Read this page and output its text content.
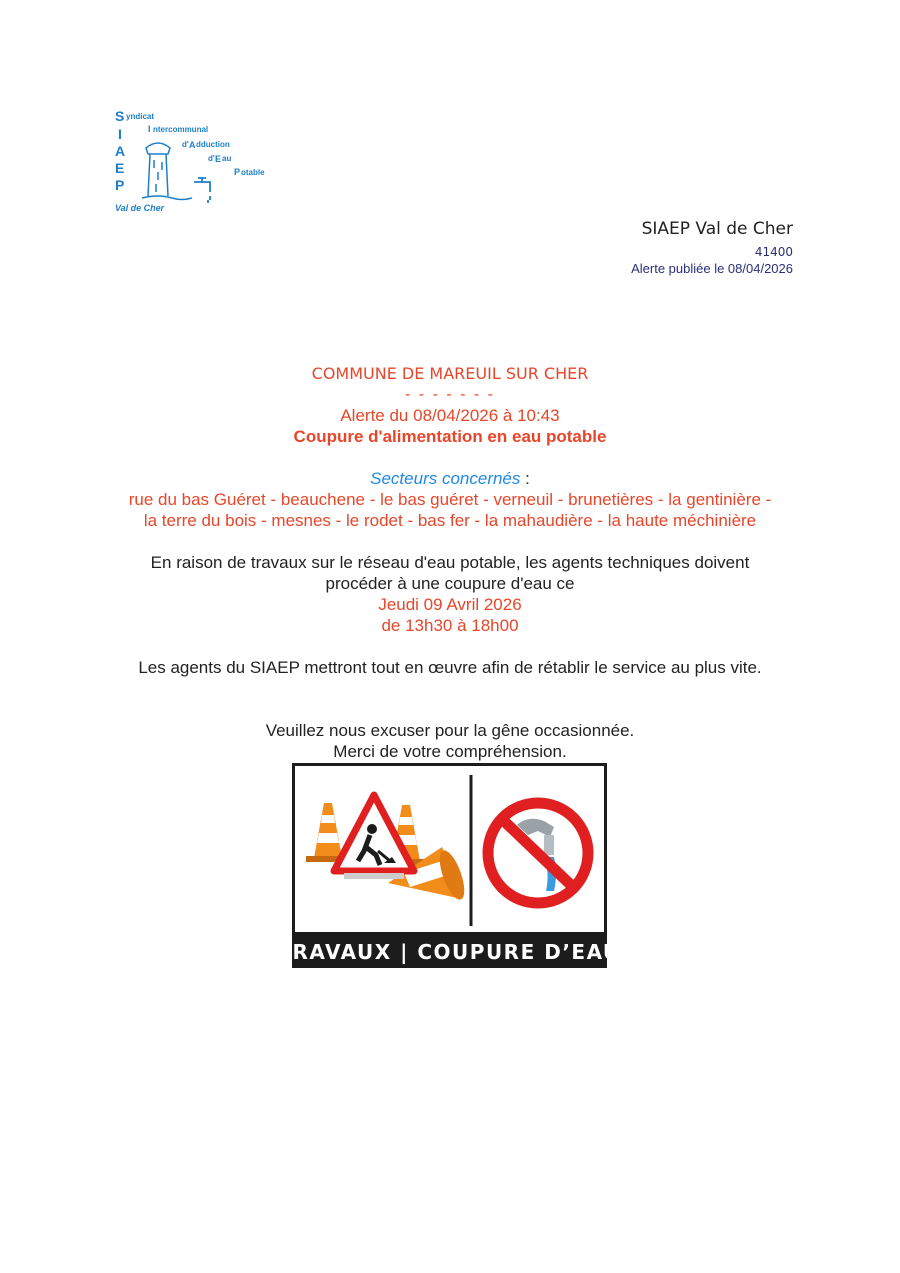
S yndicat
I	I ntercommunal
A	d' A dduction
E
d' E au
P
P otable
Val de Cher
SIAEP Val de Cher
41400
Alerte publiée le 08/04/2026
COMMUNE DE MAREUIL SUR CHER
- - - - - - -
Alerte du 08/04/2026 à 10:43
Coupure d'alimentation en eau potable
Secteurs concernés :
rue du bas Guéret - beauchene - le bas guéret - verneuil - brunetières - la gentinière -
la terre du bois - mesnes - le rodet - bas fer - la mahaudière - la haute méchinière
En raison de travaux sur le réseau d'eau potable, les agents techniques doivent
procéder à une coupure d'eau ce
Jeudi 09 Avril 2026
de 13h30 à 18h00
Les agents du SIAEP mettront tout en œuvre afin de rétablir le service au plus vite.
Veuillez nous excuser pour la gêne occasionnée.
Merci de votre compréhension.
TRAVAUX | COUPURE D’EAU
